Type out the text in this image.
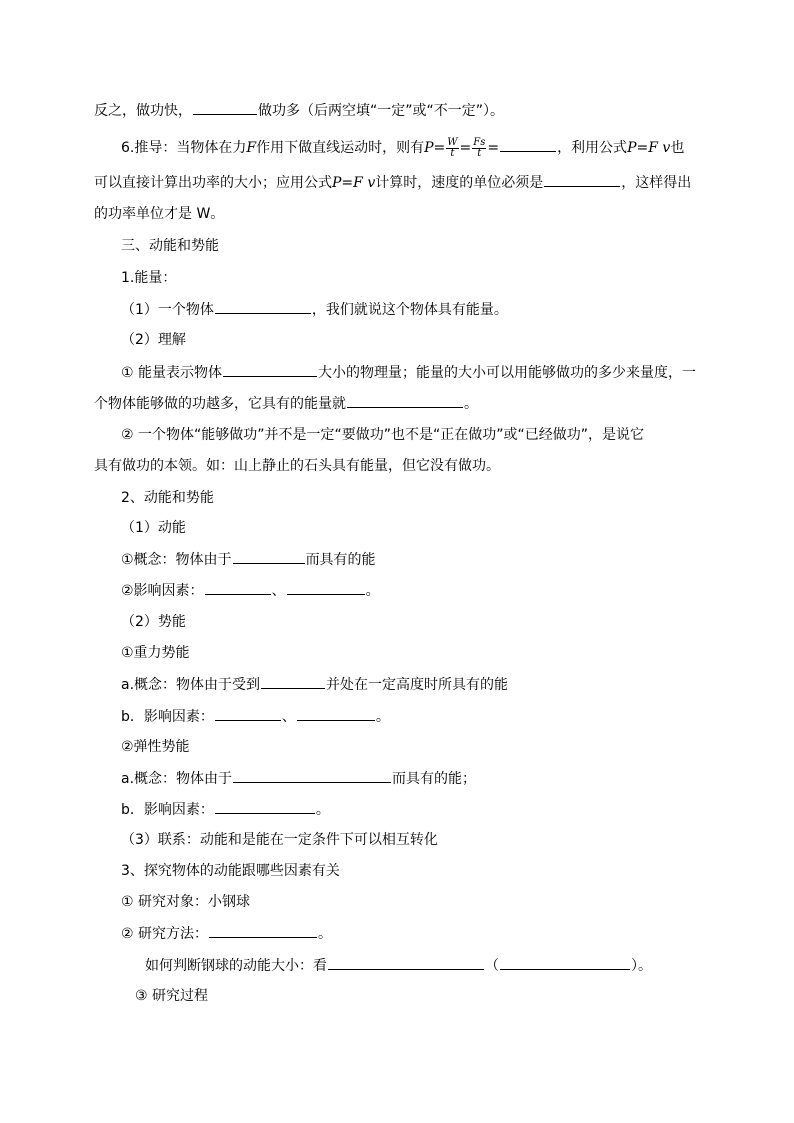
反之，做功快，	做功多（后两空填“一定”或“不一定”）。
6.推导：当物体在力F作用下做直线运动时，则有$P= \frac{W}{t} = \frac{Fs}{t}$ =	，利用公式P=F v也
可以直接计算出功率的大小；应用公式P=F v计算时，速度的单位必须是	，这样得出
的功率单位才是 W。
三、动能和势能
1.能量：
（1）一个物体	，我们就说这个物体具有能量。
（2）理解
① 能量表示物体	大小的物理量；能量的大小可以用能够做功的多少来量度，一
个物体能够做的功越多，它具有的能量就	。
② 一个物体“能够做功”并不是一定“要做功”也不是“正在做功”或“已经做功”，是说它
具有做功的本领。如：山上静止的石头具有能量，但它没有做功。
2、动能和势能
（1）动能
①概念：物体由于	而具有的能
②影响因素：	、	。
（2）势能
①重力势能
a.概念：物体由于受到	并处在一定高度时所具有的能
b．影响因素：	、	。
②弹性势能
a.概念：物体由于	而具有的能；
b．影响因素：	。
（3）联系：动能和是能在一定条件下可以相互转化
3、探究物体的动能跟哪些因素有关
① 研究对象：小钢球
② 研究方法：	。
如何判断钢球的动能大小：看	（	）。
③ 研究过程
